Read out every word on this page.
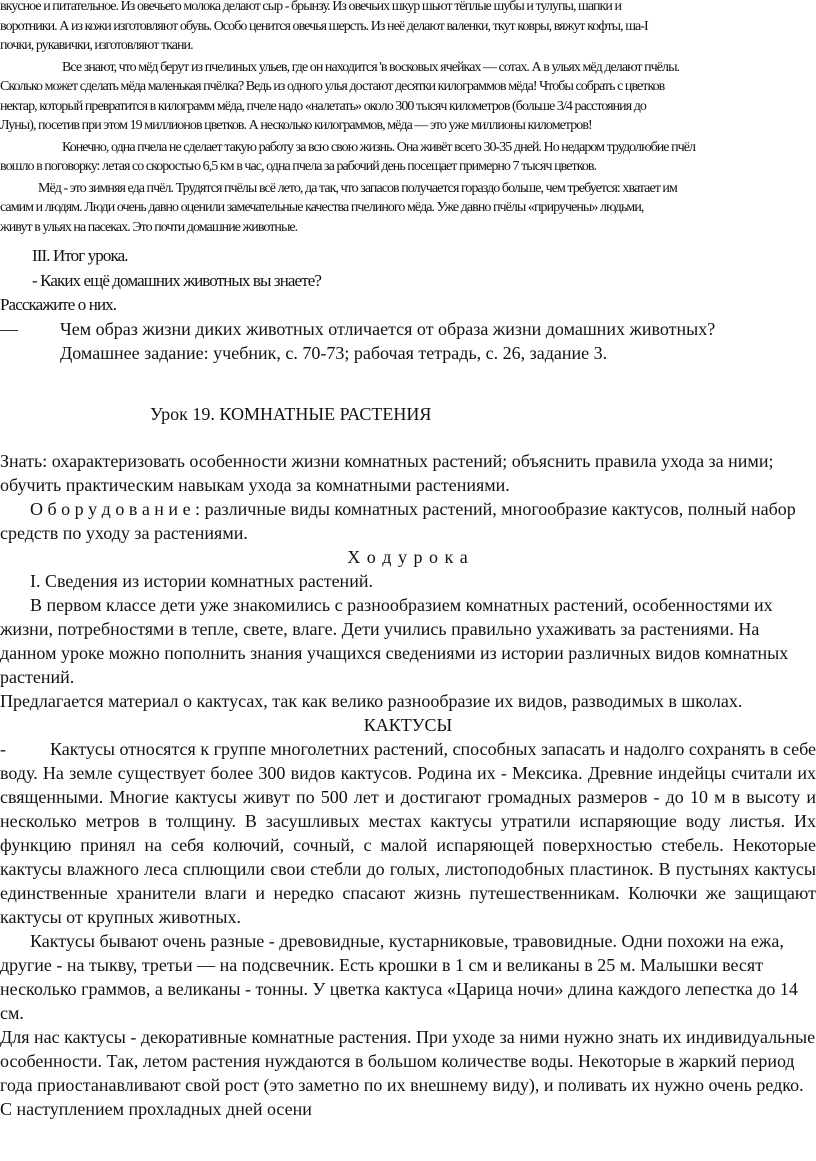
вкусное и питательное. Из овечьего молока делают сыр - брынзу. Из овечьих шкур шьют тёплые шубы и тулупы, шапки и
воротники. А из кожи изготовляют обувь. Особо ценится овечья шерсть. Из неё делают валенки, ткут ковры, вяжут кофты, ша-І
почки, рукавички, изготовляют ткани.
Все знают, что мёд берут из пчелиных ульев, где он находится 'в восковых ячейках — сотах. А в ульях мёд делают пчёлы.
Сколько может сделать мёда маленькая пчёлка? Ведь из одного улья достают десятки килограммов мёда! Чтобы собрать с цветков
нектар, который превратится в килограмм мёда, пчеле надо «налетать» около 300 тысяч километров (больше 3/4 расстояния до
Луны), посетив при этом 19 миллионов цветков. А несколько килограммов, мёда — это уже миллионы километров!
Конечно, одна пчела не сделает такую работу за всю свою жизнь. Она живёт всего 30-35 дней. Но недаром трудолюбие пчёл
вошло в поговорку: летая со скоростью 6,5 км в час, одна пчела за рабочий день посещает примерно 7 тысяч цветков.
Мёд - это зимняя еда пчёл. Трудятся пчёлы всё лето, да так, что запасов получается гораздо больше, чем требуется: хватает им
самим и людям. Люди очень давно оценили замечательные качества пчелиного мёда. Уже давно пчёлы «приручены» людьми,
живут в ульях на пасеках. Это почти домашние животные.
III. Итог урока.
- Каких ещё домашних животных вы знаете?
Расскажите о них.
—	Чем образ жизни диких животных отличается от образа жизни домашних животных?
Домашнее задание: учебник, с. 70-73; рабочая тетрадь, с. 26, задание 3.
Урок 19. КОМНАТНЫЕ РАСТЕНИЯ

Знать: охарактеризовать особенности жизни комнатных растений; объяснить правила ухода за ними; обучить практическим навыкам ухода за комнатными растениями.

О б о р у д о в а н и е : различные виды комнатных растений, многообразие кактусов, полный набор средств по уходу за растениями.

Х о д у р о к а

I. Сведения из истории комнатных растений.

В первом классе дети уже знакомились с разнообразием комнатных растений, особенностями их жизни, потребностями в тепле, свете, влаге. Дети учились правильно ухаживать за растениями. На данном уроке можно пополнить знания учащихся сведениями из истории различных видов комнатных растений.

Предлагается материал о кактусах, так как велико разнообразие их видов, разводимых в школах.

КАКТУСЫ

- Кактусы относятся к группе многолетних растений, способных запасать и надолго сохранять в себе воду. На земле существует более 300 видов кактусов. Родина их - Мексика. Древние индейцы считали их священными. Многие кактусы живут по 500 лет и достигают громадных размеров - до 10 м в высоту и несколько метров в толщину. В засушливых местах кактусы утратили испаряющие воду листья. Их функцию принял на себя колючий, сочный, с малой испаряющей поверхностью стебель. Некоторые кактусы влажного леса сплющили свои стебли до голых, листоподобных пластинок. В пустынях кактусы единственные хранители влаги и нередко спасают жизнь путешественникам. Колючки же защищают кактусы от крупных животных.

Кактусы бывают очень разные - древовидные, кустарниковые, травовидные. Одни похожи на ежа, другие - на тыкву, третьи — на подсвечник. Есть крошки в 1 см и великаны в 25 м. Малышки весят несколько граммов, а великаны - тонны. У цветка кактуса «Царица ночи» длина каждого лепестка до 14 см.

Для нас кактусы - декоративные комнатные растения. При уходе за ними нужно знать их индивидуальные особенности. Так, летом растения нуждаются в большом количестве воды. Некоторые в жаркий период года приостанавливают свой рост (это заметно по их внешнему виду), и поливать их нужно очень редко. С наступлением прохладных дней осени
